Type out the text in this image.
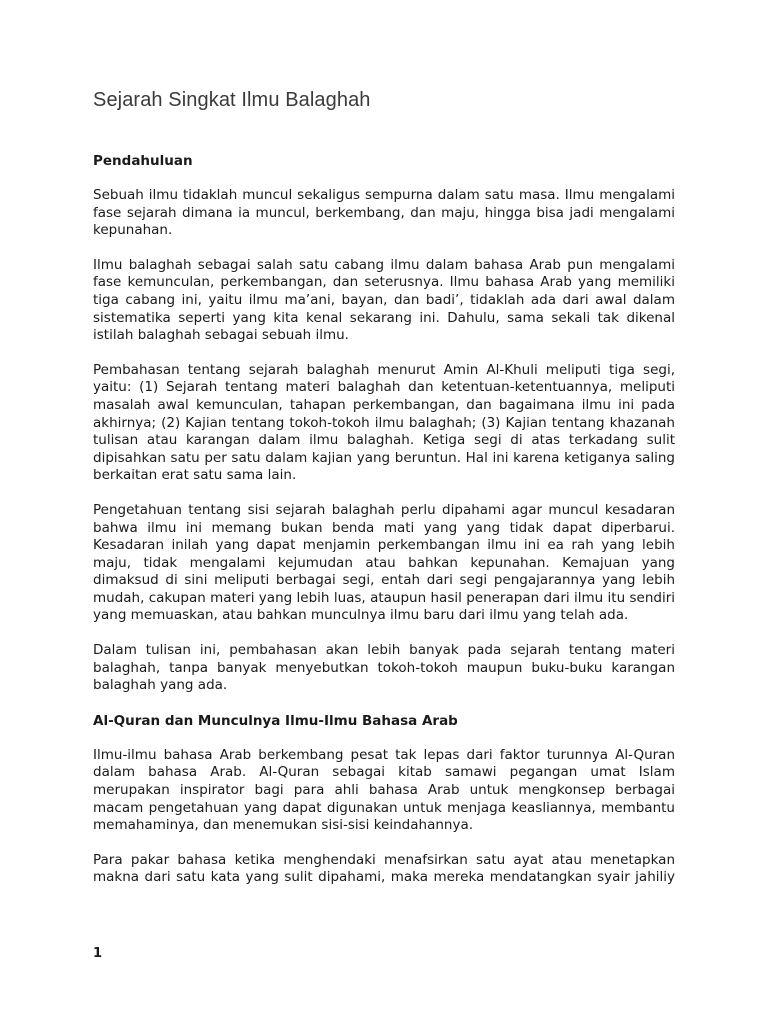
Sejarah Singkat Ilmu Balaghah
Pendahuluan

Sebuah ilmu tidaklah muncul sekaligus sempurna dalam satu masa. Ilmu mengalami fase sejarah dimana ia muncul, berkembang, dan maju, hingga bisa jadi mengalami kepunahan.

Ilmu balaghah sebagai salah satu cabang ilmu dalam bahasa Arab pun mengalami fase kemunculan, perkembangan, dan seterusnya. Ilmu bahasa Arab yang memiliki tiga cabang ini, yaitu ilmu ma’ani, bayan, dan badi’, tidaklah ada dari awal dalam sistematika seperti yang kita kenal sekarang ini. Dahulu, sama sekali tak dikenal istilah balaghah sebagai sebuah ilmu.

Pembahasan tentang sejarah balaghah menurut Amin Al-Khuli meliputi tiga segi, yaitu: (1) Sejarah tentang materi balaghah dan ketentuan-ketentuannya, meliputi masalah awal kemunculan, tahapan perkembangan, dan bagaimana ilmu ini pada akhirnya; (2) Kajian tentang tokoh-tokoh ilmu balaghah; (3) Kajian tentang khazanah tulisan atau karangan dalam ilmu balaghah. Ketiga segi di atas terkadang sulit dipisahkan satu per satu dalam kajian yang beruntun. Hal ini karena ketiganya saling berkaitan erat satu sama lain.

Pengetahuan tentang sisi sejarah balaghah perlu dipahami agar muncul kesadaran bahwa ilmu ini memang bukan benda mati yang yang tidak dapat diperbarui. Kesadaran inilah yang dapat menjamin perkembangan ilmu ini ea rah yang lebih maju, tidak mengalami kejumudan atau bahkan kepunahan. Kemajuan yang dimaksud di sini meliputi berbagai segi, entah dari segi pengajarannya yang lebih mudah, cakupan materi yang lebih luas, ataupun hasil penerapan dari ilmu itu sendiri yang memuaskan, atau bahkan munculnya ilmu baru dari ilmu yang telah ada.

Dalam tulisan ini, pembahasan akan lebih banyak pada sejarah tentang materi balaghah, tanpa banyak menyebutkan tokoh-tokoh maupun buku-buku karangan balaghah yang ada.

Al-Quran dan Munculnya Ilmu-Ilmu Bahasa Arab

Ilmu-ilmu bahasa Arab berkembang pesat tak lepas dari faktor turunnya Al-Quran dalam bahasa Arab. Al-Quran sebagai kitab samawi pegangan umat Islam merupakan inspirator bagi para ahli bahasa Arab untuk mengkonsep berbagai macam pengetahuan yang dapat digunakan untuk menjaga keasliannya, membantu memahaminya, dan menemukan sisi-sisi keindahannya.

Para pakar bahasa ketika menghendaki menafsirkan satu ayat atau menetapkan makna dari satu kata yang sulit dipahami, maka mereka mendatangkan syair jahiliy

1
